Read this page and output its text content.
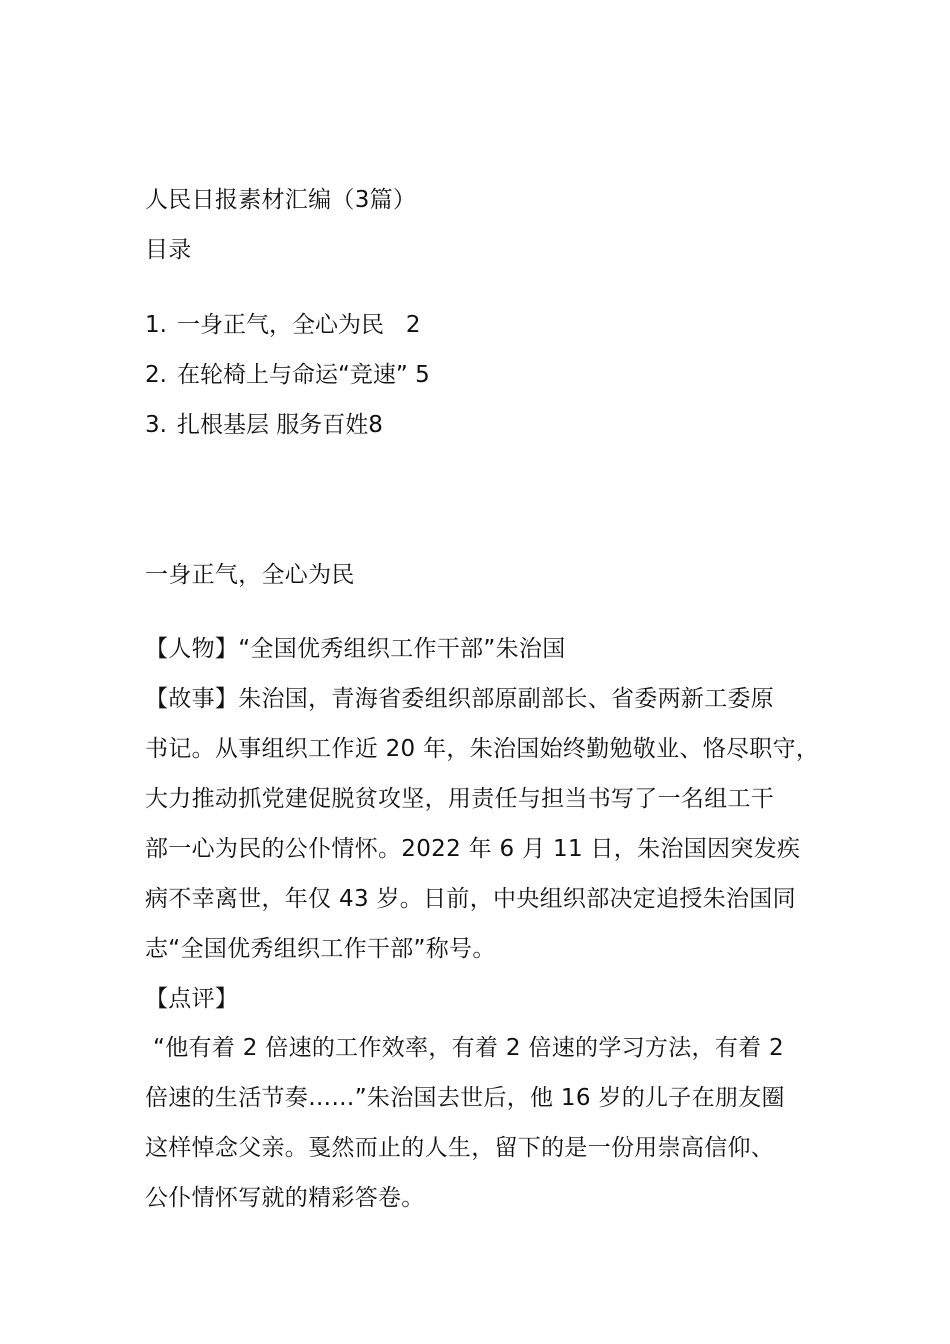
人民日报素材汇编（3篇）
目录
1. 一身正气，全心为民   2
2. 在轮椅上与命运“竞速” 5
3. 扎根基层 服务百姓8
一身正气，全心为民
【人物】“全国优秀组织工作干部”朱治国
【故事】朱治国，青海省委组织部原副部长、省委两新工委原
书记。从事组织工作近 20 年，朱治国始终勤勉敬业、恪尽职守，
大力推动抓党建促脱贫攻坚，用责任与担当书写了一名组工干
部一心为民的公仆情怀。2022 年 6 月 11 日，朱治国因突发疾
病不幸离世，年仅 43 岁。日前，中央组织部决定追授朱治国同
志“全国优秀组织工作干部”称号。
【点评】
“他有着 2 倍速的工作效率，有着 2 倍速的学习方法，有着 2
倍速的生活节奏……”朱治国去世后，他 16 岁的儿子在朋友圈
这样悼念父亲。戛然而止的人生，留下的是一份用崇高信仰、
公仆情怀写就的精彩答卷。
